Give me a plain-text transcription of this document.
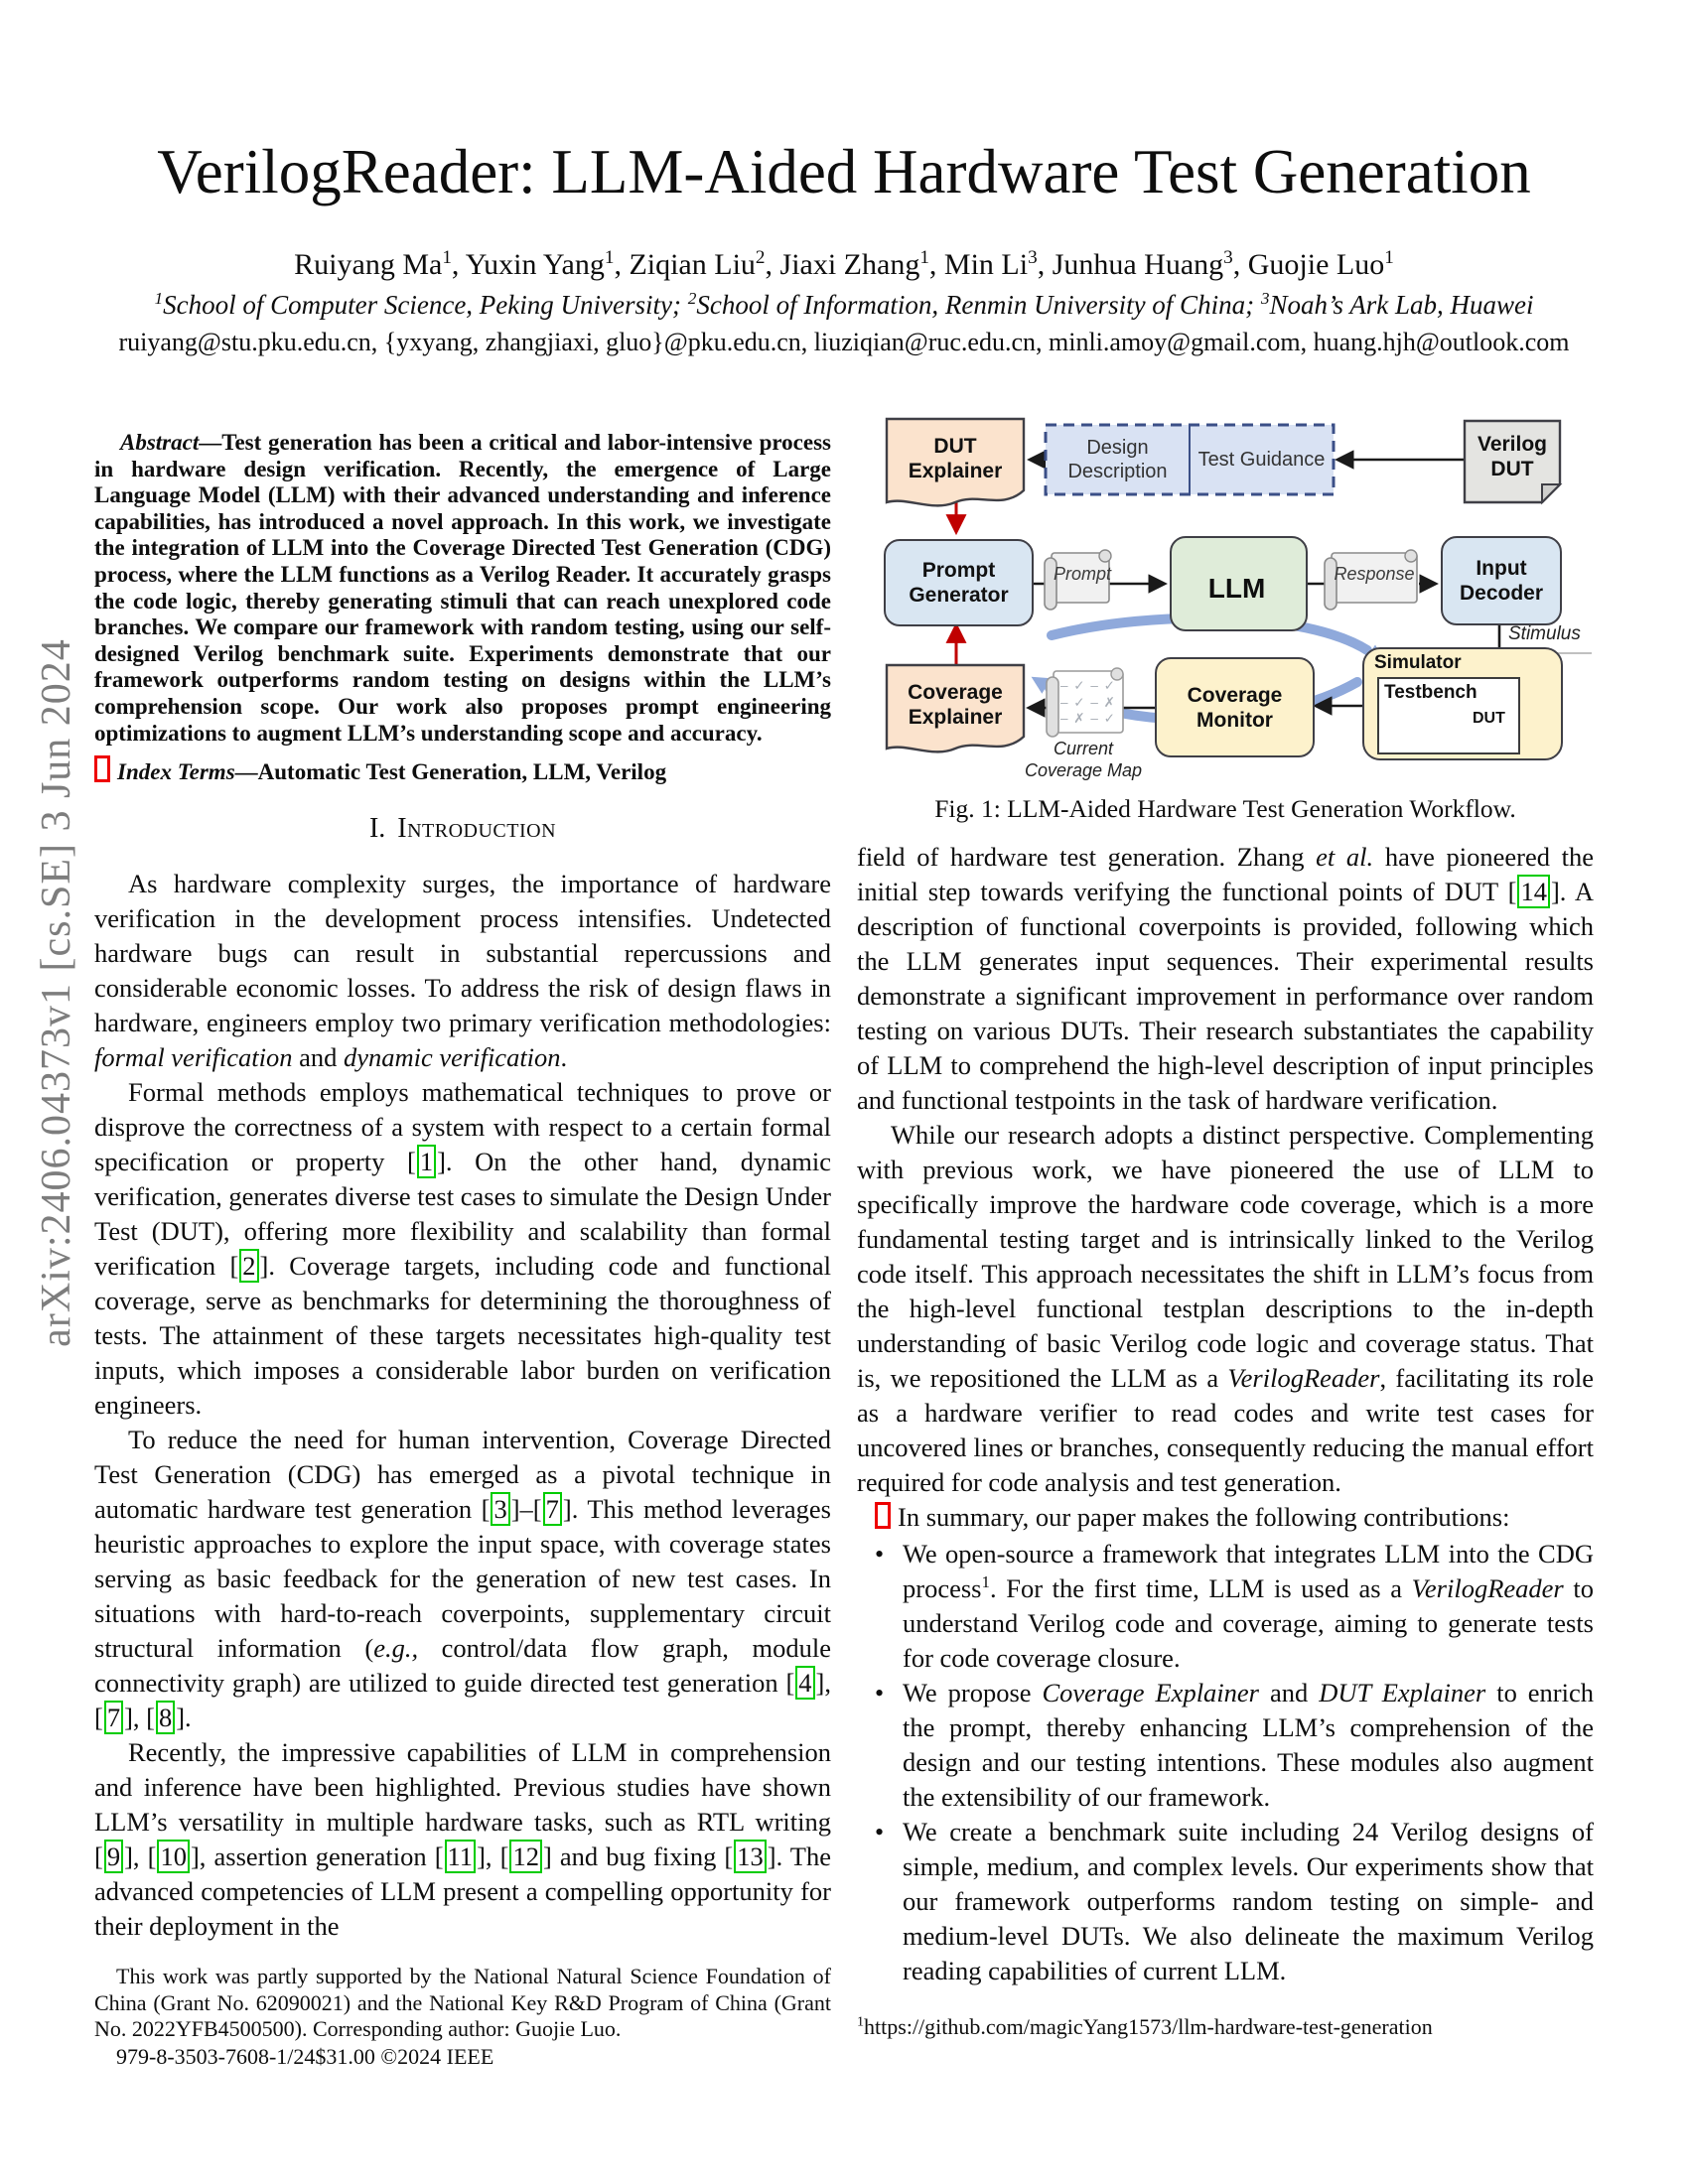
arXiv:2406.04373v1 [cs.SE] 3 Jun 2024
VerilogReader: LLM-Aided Hardware Test Generation
Ruiyang Ma$^1$, Yuxin Yang$^1$, Ziqian Liu$^2$, Jiaxi Zhang$^1$, Min Li$^3$, Junhua Huang$^3$, Guojie Luo$^1$
$^1$School of Computer Science, Peking University; $^2$School of Information, Renmin University of China; $^3$Noah’s Ark Lab, Huawei
ruiyang@stu.pku.edu.cn, {yxyang, zhangjiaxi, gluo}@pku.edu.cn, liuziqian@ruc.edu.cn, minli.amoy@gmail.com, huang.hjh@outlook.com

Abstract—Test generation has been a critical and labor-intensive process in hardware design verification. Recently, the emergence of Large Language Model (LLM) with their advanced understanding and inference capabilities, has introduced a novel approach. In this work, we investigate the integration of LLM into the Coverage Directed Test Generation (CDG) process, where the LLM functions as a Verilog Reader. It accurately grasps the code logic, thereby generating stimuli that can reach unexplored code branches. We compare our framework with random testing, using our self-designed Verilog benchmark suite. Experiments demonstrate that our framework outperforms random testing on designs within the LLM’s comprehension scope. Our work also proposes prompt engineering optimizations to augment LLM’s understanding scope and accuracy.

Index Terms—Automatic Test Generation, LLM, Verilog

I. Introduction

As hardware complexity surges, the importance of hardware verification in the development process intensifies. Undetected hardware bugs can result in substantial repercussions and considerable economic losses. To address the risk of design flaws in hardware, engineers employ two primary verification methodologies: formal verification and dynamic verification.

Formal methods employs mathematical techniques to prove or disprove the correctness of a system with respect to a certain formal specification or property [ 1 ]. On the other hand, dynamic verification, generates diverse test cases to simulate the Design Under Test (DUT), offering more flexibility and scalability than formal verification [ 2 ]. Coverage targets, including code and functional coverage, serve as benchmarks for determining the thoroughness of tests. The attainment of these targets necessitates high-quality test inputs, which imposes a considerable labor burden on verification engineers.

To reduce the need for human intervention, Coverage Directed Test Generation (CDG) has emerged as a pivotal technique in automatic hardware test generation [ 3 ]–[ 7 ]. This method leverages heuristic approaches to explore the input space, with coverage states serving as basic feedback for the generation of new test cases. In situations with hard-to-reach coverpoints, supplementary circuit structural information (e.g., control/data flow graph, module connectivity graph) are utilized to guide directed test generation [ 4 ], [ 7 ], [ 8 ].

Recently, the impressive capabilities of LLM in comprehension and inference have been highlighted. Previous studies have shown LLM’s versatility in multiple hardware tasks, such as RTL writing [ 9 ], [ 10 ], assertion generation [ 11 ], [ 12 ] and bug fixing [ 13 ]. The advanced competencies of LLM present a compelling opportunity for their deployment in the

This work was partly supported by the National Natural Science Foundation of China (Grant No. 62090021) and the National Key R&D Program of China (Grant No. 2022YFB4500500). Corresponding author: Guojie Luo.

979-8-3503-7608-1/24$31.00 ©2024 IEEE

DUT Explainer
Design Description
Test Guidance
Verilog DUT
Prompt Generator
Prompt	LLM	Response	Input Decoder
Stimulus
Simulator
Testbench
DUT
Coverage Monitor
– ✓ – ✓
– ✓ – ✗
– ✗ – ✓
Current
Coverage Map
Coverage Explainer
Fig. 1: LLM-Aided Hardware Test Generation Workflow.

field of hardware test generation. Zhang et al. have pioneered the initial step towards verifying the functional points of DUT [ 14 ]. A description of functional coverpoints is provided, following which the LLM generates input sequences. Their experimental results demonstrate a significant improvement in performance over random testing on various DUTs. Their research substantiates the capability of LLM to comprehend the high-level description of input principles and functional testpoints in the task of hardware verification.

While our research adopts a distinct perspective. Complementing with previous work, we have pioneered the use of LLM to specifically improve the hardware code coverage, which is a more fundamental testing target and is intrinsically linked to the Verilog code itself. This approach necessitates the shift in LLM’s focus from the high-level functional testplan descriptions to the in-depth understanding of basic Verilog code logic and coverage status. That is, we repositioned the LLM as a VerilogReader, facilitating its role as a hardware verifier to read codes and write test cases for uncovered lines or branches, consequently reducing the manual effort required for code analysis and test generation.

In summary, our paper makes the following contributions:

• We open-source a framework that integrates LLM into the CDG process$^1$. For the first time, LLM is used as a VerilogReader to understand Verilog code and coverage, aiming to generate tests for code coverage closure.
• We propose Coverage Explainer and DUT Explainer to enrich the prompt, thereby enhancing LLM’s comprehension of the design and our testing intentions. These modules also augment the extensibility of our framework.
• We create a benchmark suite including 24 Verilog designs of simple, medium, and complex levels. Our experiments show that our framework outperforms random testing on simple- and medium-level DUTs. We also delineate the maximum Verilog reading capabilities of current LLM.

$^1$https://github.com/magicYang1573/llm-hardware-test-generation
